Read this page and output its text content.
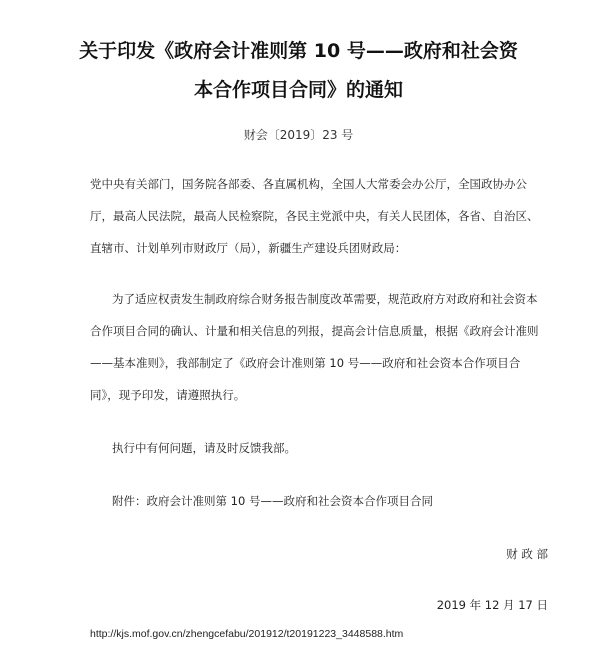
关于印发《政府会计准则第 10 号——政府和社会资
本合作项目合同》的通知
财会〔2019〕23 号
党中央有关部门，国务院各部委、各直属机构，全国人大常委会办公厅，全国政协办公
厅，最高人民法院，最高人民检察院，各民主党派中央，有关人民团体，各省、自治区、
直辖市、计划单列市财政厅（局），新疆生产建设兵团财政局：
为了适应权责发生制政府综合财务报告制度改革需要，规范政府方对政府和社会资本
合作项目合同的确认、计量和相关信息的列报，提高会计信息质量，根据《政府会计准则
——基本准则》，我部制定了《政府会计准则第 10 号——政府和社会资本合作项目合
同》，现予印发，请遵照执行。
执行中有何问题，请及时反馈我部。
附件：政府会计准则第 10 号——政府和社会资本合作项目合同
财 政 部
2019 年 12 月 17 日
http://kjs.mof.gov.cn/zhengcefabu/201912/t20191223_3448588.htm
